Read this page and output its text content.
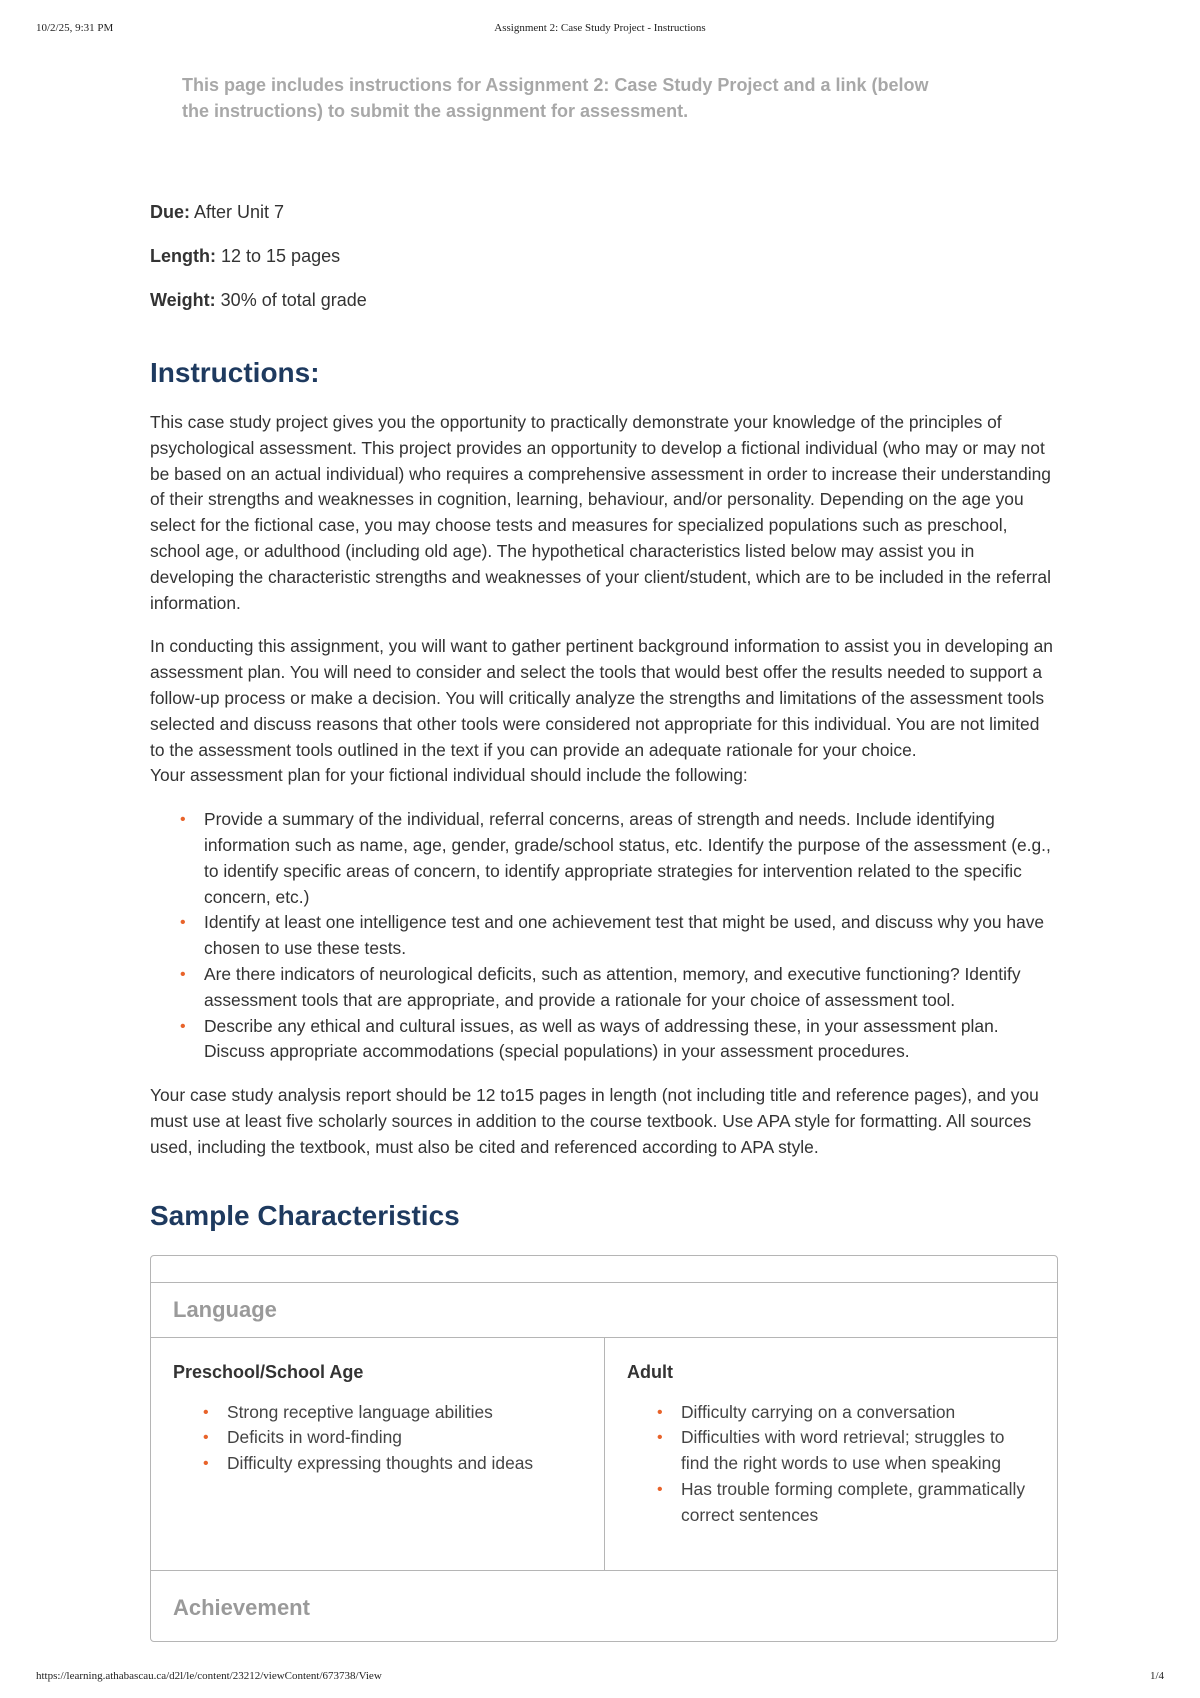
10/2/25, 9:31 PM	Assignment 2: Case Study Project - Instructions

This page includes instructions for Assignment 2: Case Study Project and a link (below the instructions) to submit the assignment for assessment.

Due: After Unit 7

Length: 12 to 15 pages

Weight: 30% of total grade

Instructions:

This case study project gives you the opportunity to practically demonstrate your knowledge of the principles of psychological assessment. This project provides an opportunity to develop a fictional individual (who may or may not be based on an actual individual) who requires a comprehensive assessment in order to increase their understanding of their strengths and weaknesses in cognition, learning, behaviour, and/or personality. Depending on the age you select for the fictional case, you may choose tests and measures for specialized populations such as preschool, school age, or adulthood (including old age). The hypothetical characteristics listed below may assist you in developing the characteristic strengths and weaknesses of your client/student, which are to be included in the referral information.

In conducting this assignment, you will want to gather pertinent background information to assist you in developing an assessment plan. You will need to consider and select the tools that would best offer the results needed to support a follow-up process or make a decision. You will critically analyze the strengths and limitations of the assessment tools selected and discuss reasons that other tools were considered not appropriate for this individual. You are not limited to the assessment tools outlined in the text if you can provide an adequate rationale for your choice.

Your assessment plan for your fictional individual should include the following:

• Provide a summary of the individual, referral concerns, areas of strength and needs. Include identifying information such as name, age, gender, grade/school status, etc. Identify the purpose of the assessment (e.g., to identify specific areas of concern, to identify appropriate strategies for intervention related to the specific concern, etc.)
• Identify at least one intelligence test and one achievement test that might be used, and discuss why you have chosen to use these tests.
• Are there indicators of neurological deficits, such as attention, memory, and executive functioning? Identify assessment tools that are appropriate, and provide a rationale for your choice of assessment tool.
• Describe any ethical and cultural issues, as well as ways of addressing these, in your assessment plan. Discuss appropriate accommodations (special populations) in your assessment procedures.

Your case study analysis report should be 12 to15 pages in length (not including title and reference pages), and you must use at least five scholarly sources in addition to the course textbook. Use APA style for formatting. All sources used, including the textbook, must also be cited and referenced according to APA style.

Sample Characteristics
Language
Preschool/School Age
• Strong receptive language abilities
• Deficits in word-finding
• Difficulty expressing thoughts and ideas
Adult
• Difficulty carrying on a conversation
• Difficulties with word retrieval; struggles to find the right words to use when speaking
• Has trouble forming complete, grammatically correct sentences
Achievement
https://learning.athabascau.ca/d2l/le/content/23212/viewContent/673738/View	1/4
